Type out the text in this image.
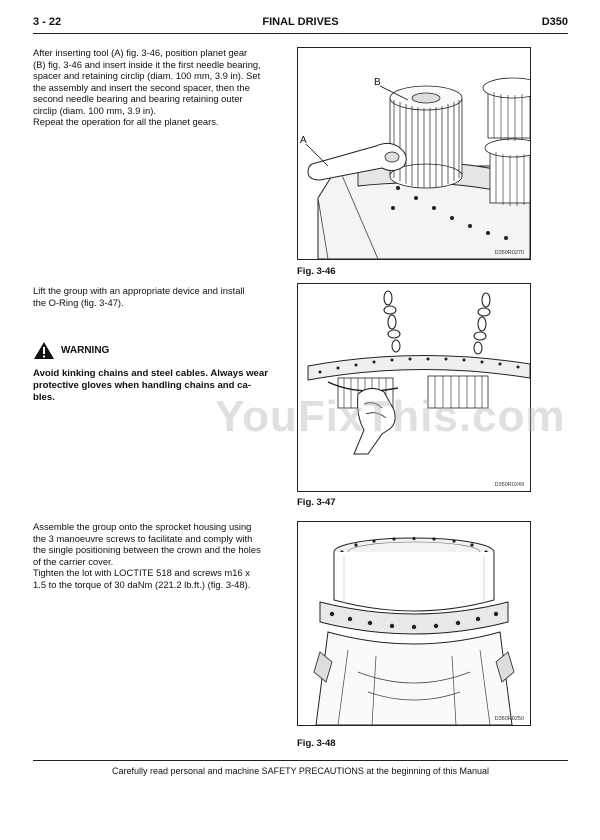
3 - 22	FINAL DRIVES	D350

After inserting tool (A) fig. 3-46, position planet gear

(B) fig. 3-46 and insert inside it the first needle bearing,

spacer and retaining circlip (diam. 100 mm, 3.9 in). Set

the assembly and insert the second spacer, then the

second needle bearing and bearing retaining outer

circlip (diam. 100 mm, 3.9 in).

Repeat the operation for all the planet gears.

A
B
D350R0270
Fig. 3-46

Lift the group with an appropriate device and install

the O-Ring (fig. 3-47).

WARNING
Avoid kinking chains and steel cables. Always wear
protective gloves when handling chains and ca-
bles.
D350R0249
Fig. 3-47

Assemble the group onto the sprocket housing using

the 3 manoeuvre screws to facilitate and comply with

the single positioning between the crown and the holes

of the carrier cover.

Tighten the lot with LOCTITE 518 and screws m16 x

1.5 to the torque of 30 daNm (221.2 lb.ft.) (fig. 3-48).

D350R0250
Fig. 3-48
YouFixThis.com
Carefully read personal and machine SAFETY PRECAUTIONS at the beginning of this Manual
